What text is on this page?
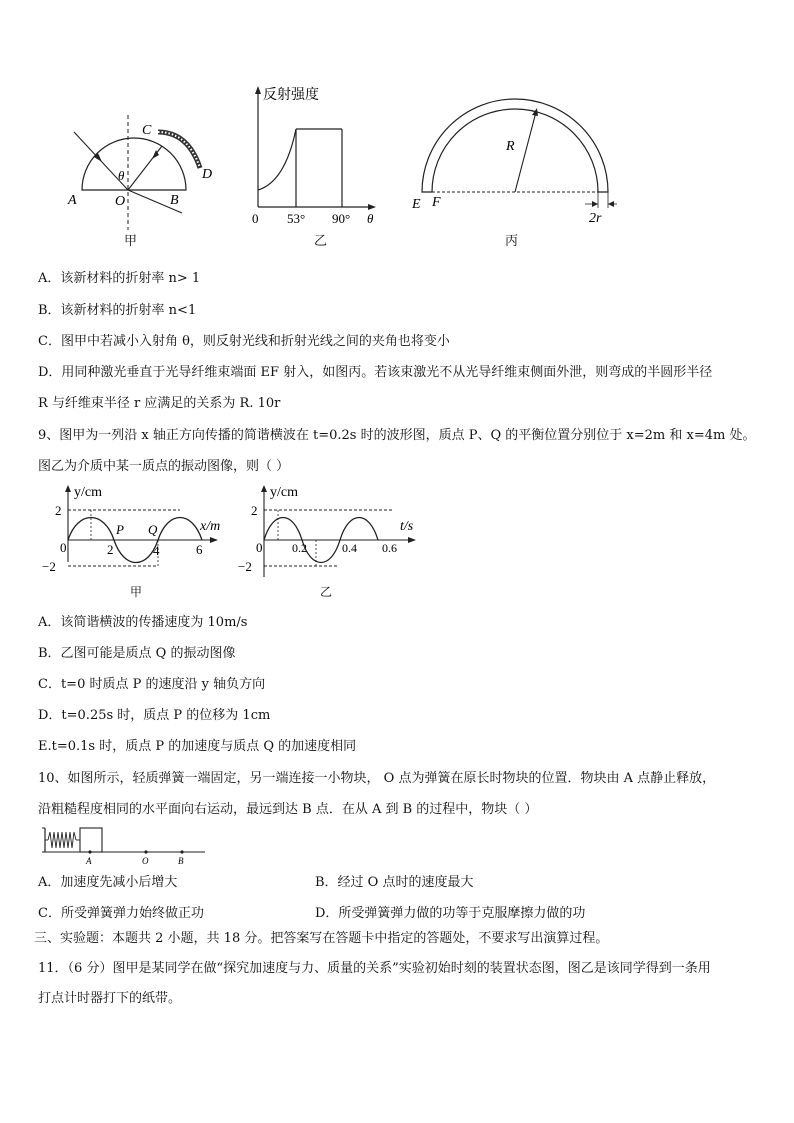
C
D
A	O	B
θ
甲
反射强度
0 53° 90° θ
乙
R
E F
2r
丙
A．该新材料的折射率 n> 1
B．该新材料的折射率 n<1
C．图甲中若减小入射角 θ，则反射光线和折射光线之间的夹角也将变小
D．用同种激光垂直于光导纤维束端面 EF 射入，如图丙。若该束激光不从光导纤维束侧面外泄，则弯成的半圆形半径
R 与纤维束半径 r 应满足的关系为 R. 10r
9、图甲为一列沿 x 轴正方向传播的简谐横波在 t=0.2s 时的波形图，质点 P、Q 的平衡位置分别位于 x=2m 和 x=4m 处。
图乙为介质中某一质点的振动图像，则（ ）
y/cm
x/m
2
−2
0	2	4	6
P Q
甲
y/cm
t/s
2
−2
0 0.2	0.4 0.6
乙
A．该简谐横波的传播速度为 10m/s
B．乙图可能是质点 Q 的振动图像
C．t=0 时质点 P 的速度沿 y 轴负方向
D．t=0.25s 时，质点 P 的位移为 1cm
E.t=0.1s 时，质点 P 的加速度与质点 Q 的加速度相同
10、如图所示，轻质弹簧一端固定，另一端连接一小物块， O 点为弹簧在原长时物块的位置．物块由 A 点静止释放，
沿粗糙程度相同的水平面向右运动，最远到达 B 点．在从 A 到 B 的过程中，物块（ ）
A	O	B
A．加速度先减小后增大	B．经过 O 点时的速度最大
C．所受弹簧弹力始终做正功	D．所受弹簧弹力做的功等于克服摩擦力做的功
三、实验题：本题共 2 小题，共 18 分。把答案写在答题卡中指定的答题处，不要求写出演算过程。
11．（6 分）图甲是某同学在做“探究加速度与力、质量的关系”实验初始时刻的装置状态图，图乙是该同学得到一条用
打点计时器打下的纸带。
